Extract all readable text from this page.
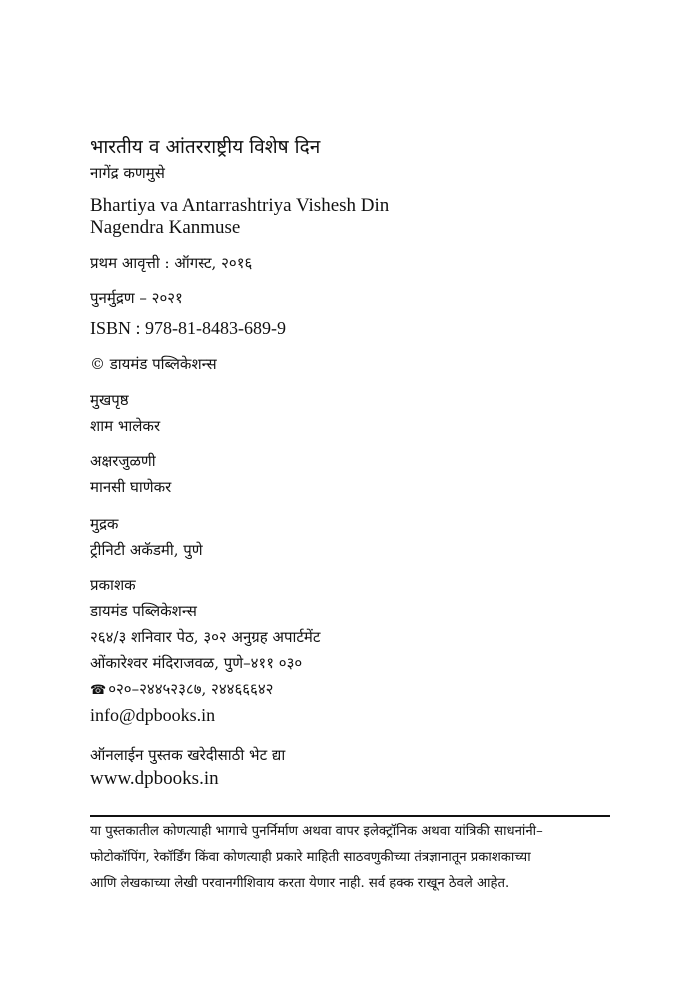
भारतीय व आंतरराष्ट्रीय विशेष दिन
नागेंद्र कणमुसे
Bhartiya va Antarrashtriya Vishesh Din
Nagendra Kanmuse
प्रथम आवृत्ती : ऑगस्ट, २०१६
पुनर्मुद्रण – २०२१
ISBN : 978-81-8483-689-9
© डायमंड पब्लिकेशन्स
मुखपृष्ठ
शाम भालेकर
अक्षरजुळणी
मानसी घाणेकर
मुद्रक
ट्रीनिटी अकॅडमी, पुणे
प्रकाशक
डायमंड पब्लिकेशन्स
२६४/३ शनिवार पेठ, ३०२ अनुग्रह अपार्टमेंट
ओंकारेश्वर मंदिराजवळ, पुणे–४११ ०३०
☎ ०२०–२४४५२३८७, २४४६६६४२
info@dpbooks.in
ऑनलाईन पुस्तक खरेदीसाठी भेट द्या
www.dpbooks.in
या पुस्तकातील कोणत्याही भागाचे पुनर्निर्माण अथवा वापर इलेक्ट्रॉनिक अथवा यांत्रिकी साधनांनी–
फोटोकॉपिंग, रेकॉर्डिंग किंवा कोणत्याही प्रकारे माहिती साठवणुकीच्या तंत्रज्ञानातून प्रकाशकाच्या
आणि लेखकाच्या लेखी परवानगीशिवाय करता येणार नाही. सर्व हक्क राखून ठेवले आहेत.
